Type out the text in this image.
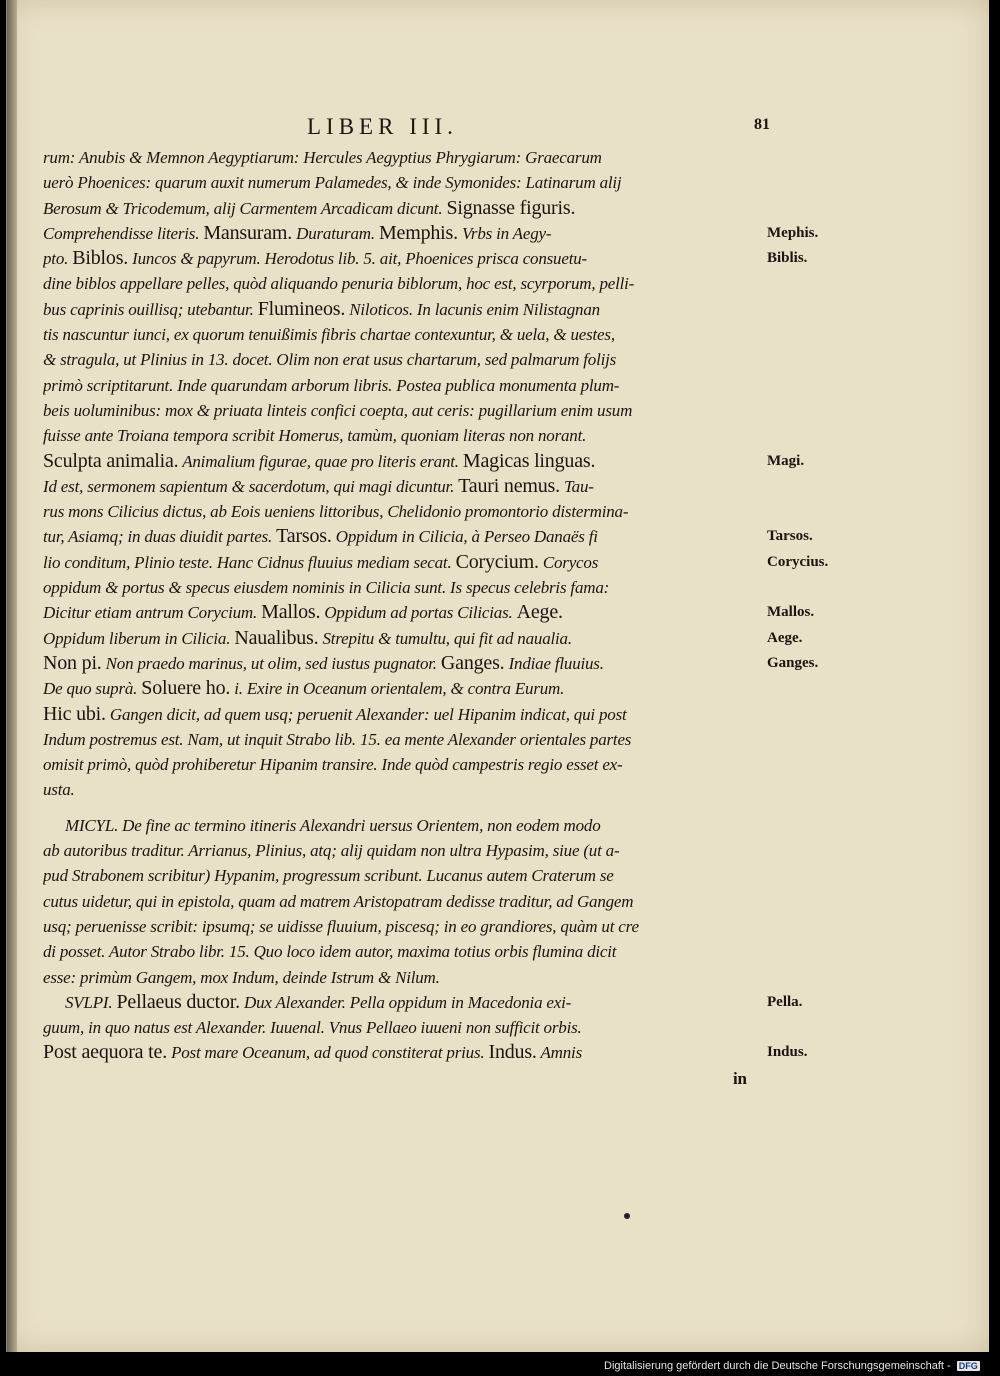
LIBER III.	81
rum: Anubis & Memnon Aegyptiarum: Hercules Aegyptius Phrygiarum: Graecarum
uerò Phoenices: quarum auxit numerum Palamedes, & inde Symonides: Latinarum alij
Berosum & Tricodemum, alij Carmentem Arcadicam dicunt. Signasse figuris.
Comprehendisse literis. Mansuram. Duraturam. Memphis. Vrbs in Aegy-
pto. Biblos. Iuncos & papyrum. Herodotus lib. 5. ait, Phoenices prisca consuetu-
dine biblos appellare pelles, quòd aliquando penuria biblorum, hoc est, scyrporum, pelli-
bus caprinis ouillisq; utebantur. Flumineos. Niloticos. In lacunis enim Nilistagnan
tis nascuntur iunci, ex quorum tenuißimis fibris chartae contexuntur, & uela, & uestes,
& stragula, ut Plinius in 13. docet. Olim non erat usus chartarum, sed palmarum folijs
primò scriptitarunt. Inde quarundam arborum libris. Postea publica monumenta plum-
beis uoluminibus: mox & priuata linteis confici coepta, aut ceris: pugillarium enim usum
fuisse ante Troiana tempora scribit Homerus, tamùm, quoniam literas non norant.
Sculpta animalia. Animalium figurae, quae pro literis erant. Magicas linguas.
Id est, sermonem sapientum & sacerdotum, qui magi dicuntur. Tauri nemus. Tau-
rus mons Cilicius dictus, ab Eois ueniens littoribus, Chelidonio promontorio distermina-
tur, Asiamq; in duas diuidit partes. Tarsos. Oppidum in Cilicia, à Perseo Danaës fi
lio conditum, Plinio teste. Hanc Cidnus fluuius mediam secat. Corycium. Corycos
oppidum & portus & specus eiusdem nominis in Cilicia sunt. Is specus celebris fama:
Dicitur etiam antrum Corycium. Mallos. Oppidum ad portas Cilicias. Aege.
Oppidum liberum in Cilicia. Naualibus. Strepitu & tumultu, qui fit ad naualia.
Non pi. Non praedo marinus, ut olim, sed iustus pugnator. Ganges. Indiae fluuius.
De quo suprà. Soluere ho. i. Exire in Oceanum orientalem, & contra Eurum.
Hic ubi. Gangen dicit, ad quem usq; peruenit Alexander: uel Hipanim indicat, qui post
Indum postremus est. Nam, ut inquit Strabo lib. 15. ea mente Alexander orientales partes
omisit primò, quòd prohiberetur Hipanim transire. Inde quòd campestris regio esset ex-
usta.
MICYL. De fine ac termino itineris Alexandri uersus Orientem, non eodem modo
ab autoribus traditur. Arrianus, Plinius, atq; alij quidam non ultra Hypasim, siue (ut a-
pud Strabonem scribitur) Hypanim, progressum scribunt. Lucanus autem Craterum se
cutus uidetur, qui in epistola, quam ad matrem Aristopatram dedisse traditur, ad Gangem
usq; peruenisse scribit: ipsumq; se uidisse fluuium, piscesq; in eo grandiores, quàm ut cre
di posset. Autor Strabo libr. 15. Quo loco idem autor, maxima totius orbis flumina dicit
esse: primùm Gangem, mox Indum, deinde Istrum & Nilum.
SVLPI. Pellaeus ductor. Dux Alexander. Pella oppidum in Macedonia exi-
guum, in quo natus est Alexander. Iuuenal. Vnus Pellaeo iuueni non sufficit orbis.
Post aequora te. Post mare Oceanum, ad quod constiterat prius. Indus. Amnis
in
Mephis.
Biblis.
Magi.
Tarsos.
Corycius.
Mallos.
Aege.
Ganges.
Pella.
Indus.
Digitalisierung gefördert durch die Deutsche Forschungsgemeinschaft - DFG
